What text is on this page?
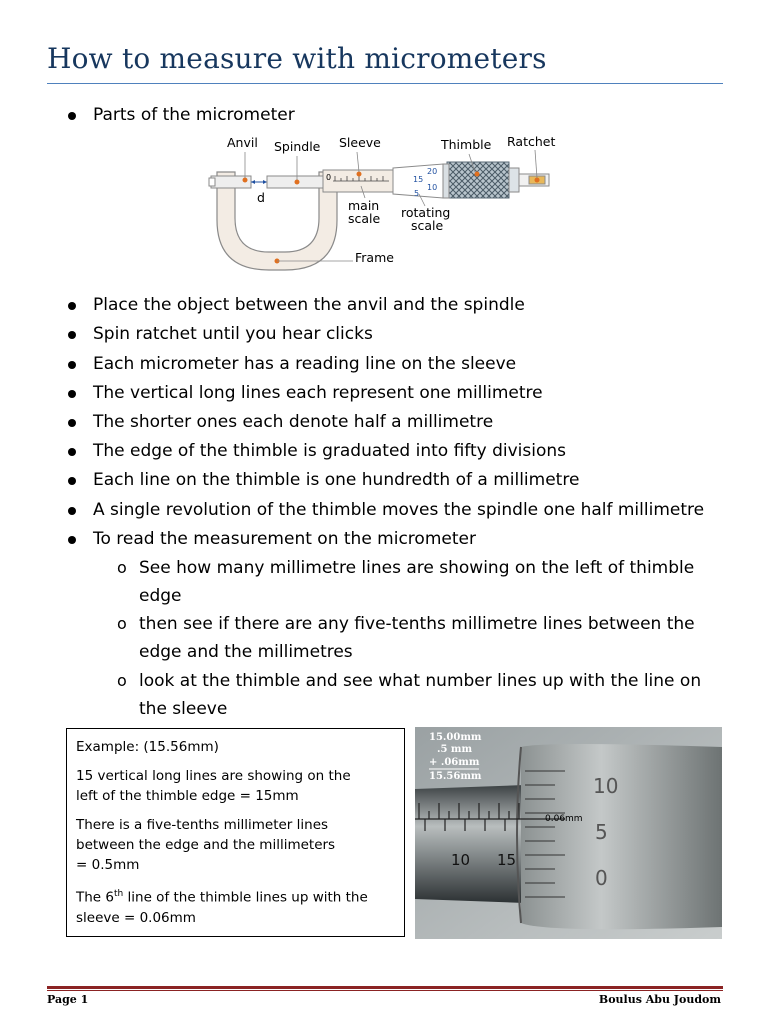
How to measure with micrometers
Parts of the micrometer
0
20
15
10
5
Anvil Spindle Sleeve	Thimble Ratchet
d
main
scale rotating
scale
Frame
Place the object between the anvil and the spindle
Spin ratchet until you hear clicks
Each micrometer has a reading line on the sleeve
The vertical long lines each represent one millimetre
The shorter ones each denote half a millimetre
The edge of the thimble is graduated into fifty divisions
Each line on the thimble is one hundredth of a millimetre
A single revolution of the thimble moves the spindle one half millimetre
To read the measurement on the micrometer
o See how many millimetre lines are showing on the left of thimble
edge
o then see if there are any five-tenths millimetre lines between the
edge and the millimetres
o look at the thimble and see what number lines up with the line on
the sleeve

Example: (15.56mm)

15 vertical long lines are showing on the
left of the thimble edge = 15mm

There is a five-tenths millimeter lines
between the edge and the millimeters
= 0.5mm

The 6th line of the thimble lines up with the
sleeve = 0.06mm

15.00mm
.5 mm
+ .06mm
15.56mm
0.06mm
10 15
10
5
0
Page 1	Boulus Abu Joudom
